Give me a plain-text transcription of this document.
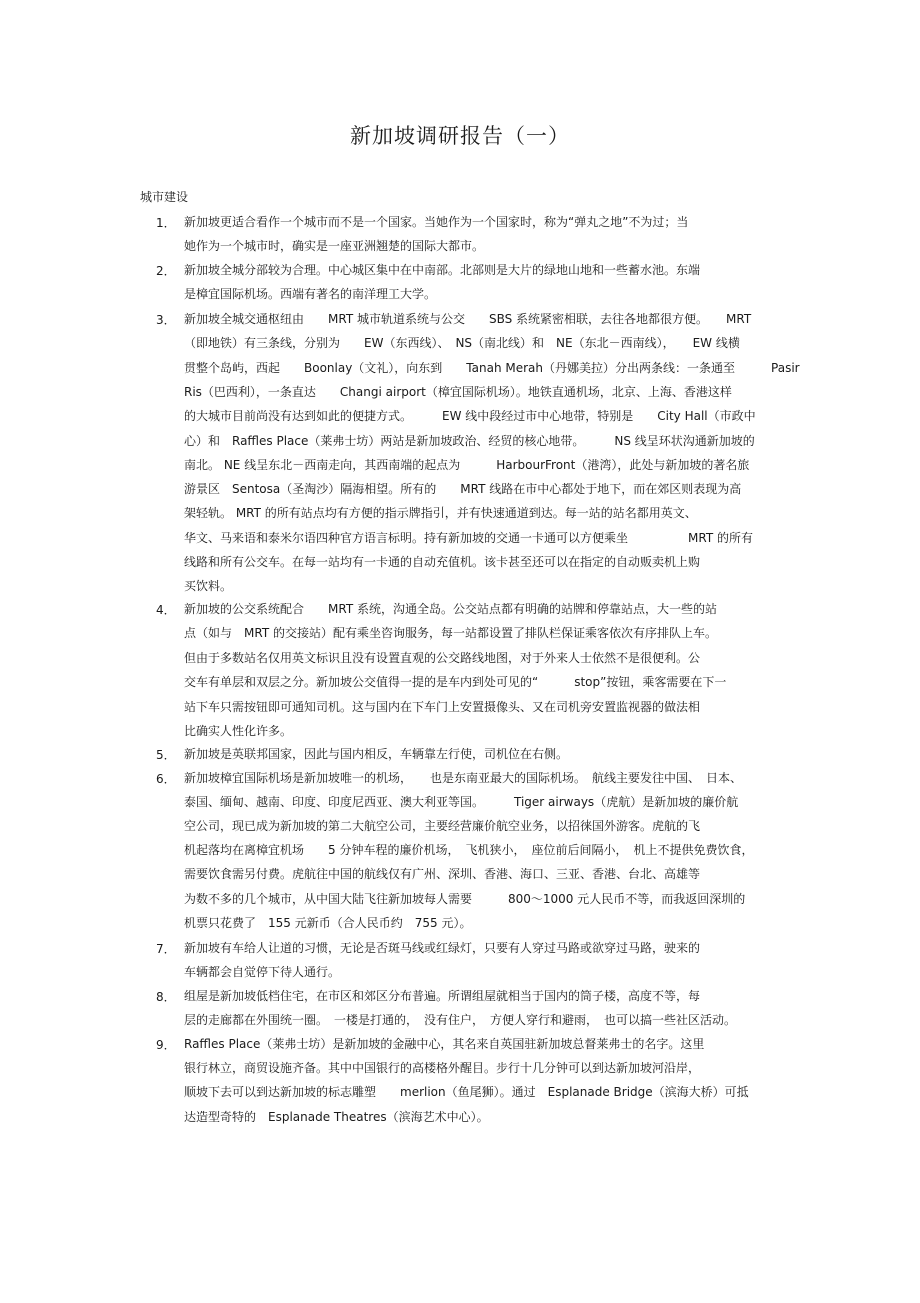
新加坡调研报告（一）
城市建设
1． 新加坡更适合看作一个城市而不是一个国家。当她作为一个国家时，称为“弹丸之地”不为过；当
她作为一个城市时，确实是一座亚洲翘楚的国际大都市。
2． 新加坡全城分部较为合理。中心城区集中在中南部。北部则是大片的绿地山地和一些蓄水池。东端
是樟宜国际机场。西端有著名的南洋理工大学。
3． 新加坡全城交通枢纽由　　MRT 城市轨道系统与公交　　SBS 系统紧密相联，去往各地都很方便。　　MRT
（即地铁）有三条线，分别为　　EW（东西线）、　NS（南北线）和　NE（东北－西南线），　　EW 线横
贯整个岛屿，西起　　Boonlay（文礼），向东到　　Tanah Merah（丹娜美拉）分出两条线：一条通至　　　Pasir
Ris（巴西利），一条直达　　Changi airport（樟宜国际机场）。地铁直通机场，北京、上海、香港这样
的大城市目前尚没有达到如此的便捷方式。　　　EW 线中段经过市中心地带，特别是　　City Hall（市政中
心）和　Raffles Place（莱弗士坊）两站是新加坡政治、经贸的核心地带。　　　NS 线呈环状沟通新加坡的
南北。 NE 线呈东北－西南走向，其西南端的起点为　　　HarbourFront（港湾），此处与新加坡的著名旅
游景区　Sentosa（圣淘沙）隔海相望。所有的　　MRT 线路在市中心都处于地下，而在郊区则表现为高
架轻轨。 MRT 的所有站点均有方便的指示牌指引，并有快速通道到达。每一站的站名都用英文、
华文、马来语和泰米尔语四种官方语言标明。持有新加坡的交通一卡通可以方便乘坐　　　　　MRT 的所有
线路和所有公交车。在每一站均有一卡通的自动充值机。该卡甚至还可以在指定的自动贩卖机上购
买饮料。
4． 新加坡的公交系统配合　　MRT 系统，沟通全岛。公交站点都有明确的站牌和停靠站点，大一些的站
点（如与　MRT 的交接站）配有乘坐咨询服务，每一站都设置了排队栏保证乘客依次有序排队上车。
但由于多数站名仅用英文标识且没有设置直观的公交路线地图，对于外来人士依然不是很便利。公
交车有单层和双层之分。新加坡公交值得一提的是车内到处可见的“　　　stop”按钮，乘客需要在下一
站下车只需按钮即可通知司机。这与国内在下车门上安置摄像头、又在司机旁安置监视器的做法相
比确实人性化许多。
5． 新加坡是英联邦国家，因此与国内相反，车辆靠左行使，司机位在右侧。
6． 新加坡樟宜国际机场是新加坡唯一的机场，　　也是东南亚最大的国际机场。　航线主要发往中国、　日本、
泰国、缅甸、越南、印度、印度尼西亚、澳大利亚等国。　　　Tiger airways（虎航）是新加坡的廉价航
空公司，现已成为新加坡的第二大航空公司，主要经营廉价航空业务，以招徕国外游客。虎航的飞
机起落均在离樟宜机场　　5 分钟车程的廉价机场，　飞机狭小，　座位前后间隔小，　机上不提供免费饮食，
需要饮食需另付费。虎航往中国的航线仅有广州、深圳、香港、海口、三亚、香港、台北、高雄等
为数不多的几个城市，从中国大陆飞往新加坡每人需要　　　800～1000 元人民币不等，而我返回深圳的
机票只花费了　155 元新币（合人民币约　755 元）。
7． 新加坡有车给人让道的习惯，无论是否斑马线或红绿灯，只要有人穿过马路或欲穿过马路，驶来的
车辆都会自觉停下待人通行。
8． 组屋是新加坡低档住宅，在市区和郊区分布普遍。所谓组屋就相当于国内的筒子楼，高度不等，每
层的走廊都在外围统一圈。　一楼是打通的，　没有住户，　方便人穿行和避雨，　也可以搞一些社区活动。
9． Raffles Place（莱弗士坊）是新加坡的金融中心，其名来自英国驻新加坡总督莱弗士的名字。这里
银行林立，商贸设施齐备。其中中国银行的高楼格外醒目。步行十几分钟可以到达新加坡河沿岸，
顺坡下去可以到达新加坡的标志雕塑　　merlion（鱼尾狮）。通过　Esplanade Bridge（滨海大桥）可抵
达造型奇特的　Esplanade Theatres（滨海艺术中心）。
